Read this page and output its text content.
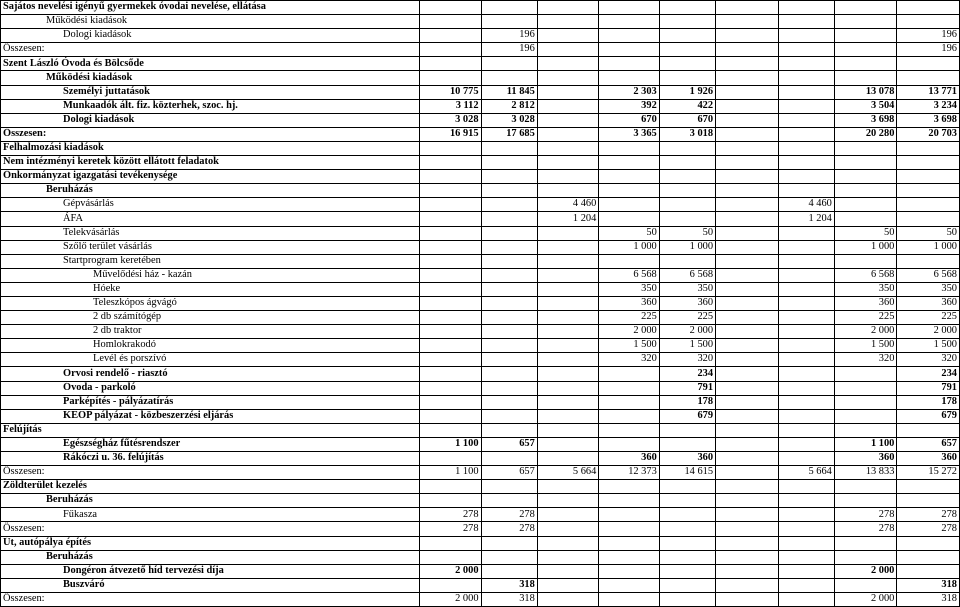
Sajátos nevelési igényű gyermekek óvodai nevelése, ellátása									
Működési kiadások									
Dologi kiadások		196							196
Összesen:		196							196
Szent László Óvoda és Bölcsőde									
Működési kiadások									
Személyi juttatások	10 775	11 845		2 303	1 926			13 078	13 771
Munkaadók ált. fiz. közterhek, szoc. hj.	3 112	2 812		392	422			3 504	3 234
Dologi kiadások	3 028	3 028		670	670			3 698	3 698
Összesen:	16 915	17 685		3 365	3 018			20 280	20 703
Felhalmozási kiadások									
Nem intézményi keretek között ellátott feladatok									
Önkormányzat igazgatási tevékenysége									
Beruházás									
Gépvásárlás			4 460				4 460		
ÁFA			1 204				1 204		
Telekvásárlás				50	50			50	50
Szőlő terület vásárlás				1 000	1 000			1 000	1 000
Startprogram keretében									
Művelődési ház - kazán				6 568	6 568			6 568	6 568
Hóeke				350	350			350	350
Teleszkópos ágvágó				360	360			360	360
2 db számítógép				225	225			225	225
2 db traktor				2 000	2 000			2 000	2 000
Homlokrakodó				1 500	1 500			1 500	1 500
Levél és porszívó				320	320			320	320
Orvosi rendelő - riasztó					234				234
Óvoda - parkoló					791				791
Parképítés - pályázatírás					178				178
KEOP pályázat - közbeszerzési eljárás					679				679
Felújítás									
Egészségház fűtésrendszer	1 100	657						1 100	657
Rákóczi u. 36. felújítás				360	360			360	360
Összesen:	1 100	657	5 664	12 373	14 615		5 664	13 833	15 272
Zöldterület kezelés									
Beruházás									
Fűkasza	278	278						278	278
Összesen:	278	278						278	278
Út, autópálya építés									
Beruházás									
Dongéron átvezető híd tervezési díja	2 000							2 000	
Buszváró		318							318
Összesen:	2 000	318						2 000	318
